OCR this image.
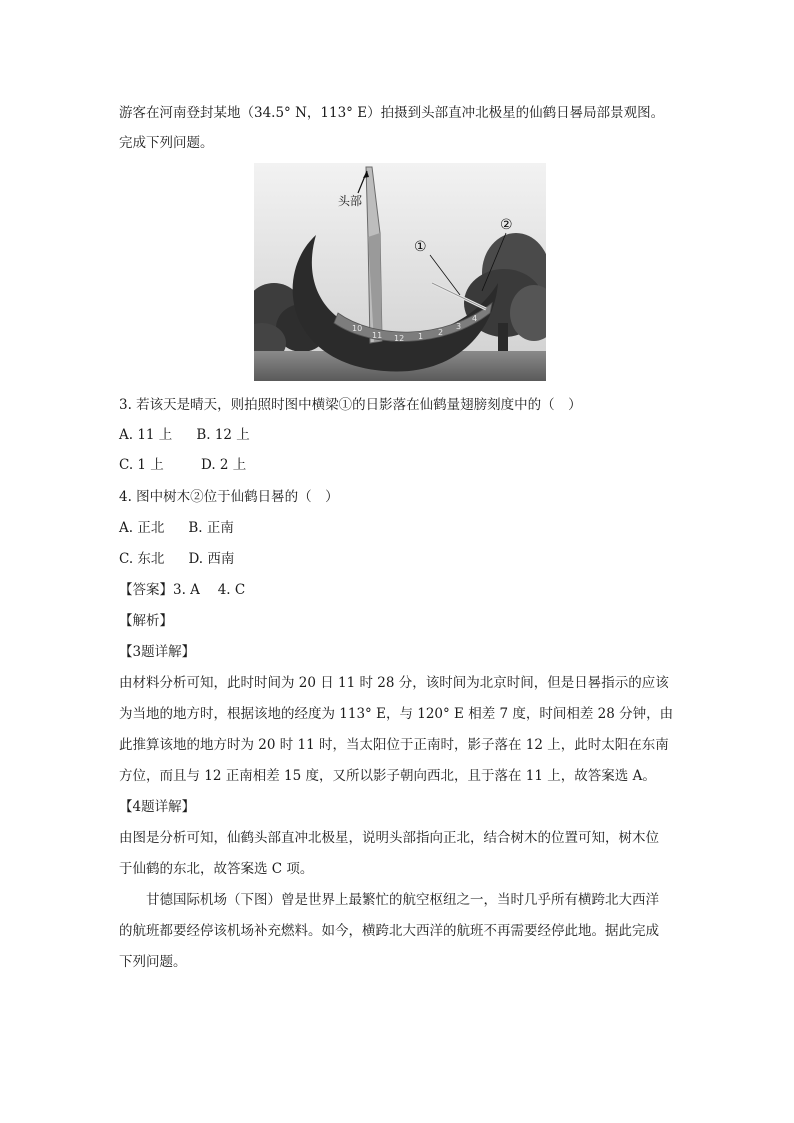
游客在河南登封某地（34.5° N，113° E）拍摄到头部直冲北极星的仙鹤日晷局部景观图。
完成下列问题。
头部
①
②
10
11 12 1 2
3
4
3. 若该天是晴天，则拍照时图中横梁①的日影落在仙鹤量翅膀刻度中的（　）
A. 11 上 B. 12 上
C. 1 上	D. 2 上
4. 图中树木②位于仙鹤日晷的（　）
A. 正北 B. 正南
C. 东北 D. 西南
【答案】3. A　 4. C
【解析】
【3题详解】
由材料分析可知，此时时间为 20 日 11 时 28 分，该时间为北京时间，但是日晷指示的应该
为当地的地方时，根据该地的经度为 113° E，与 120° E 相差 7 度，时间相差 28 分钟，由
此推算该地的地方时为 20 时 11 时，当太阳位于正南时，影子落在 12 上，此时太阳在东南
方位，而且与 12 正南相差 15 度，又所以影子朝向西北，且于落在 11 上，故答案选 A。
【4题详解】
由图是分析可知，仙鹤头部直冲北极星，说明头部指向正北，结合树木的位置可知，树木位
于仙鹤的东北，故答案选 C 项。
甘德国际机场（下图）曾是世界上最繁忙的航空枢纽之一，当时几乎所有横跨北大西洋
的航班都要经停该机场补充燃料。如今，横跨北大西洋的航班不再需要经停此地。据此完成
下列问题。
